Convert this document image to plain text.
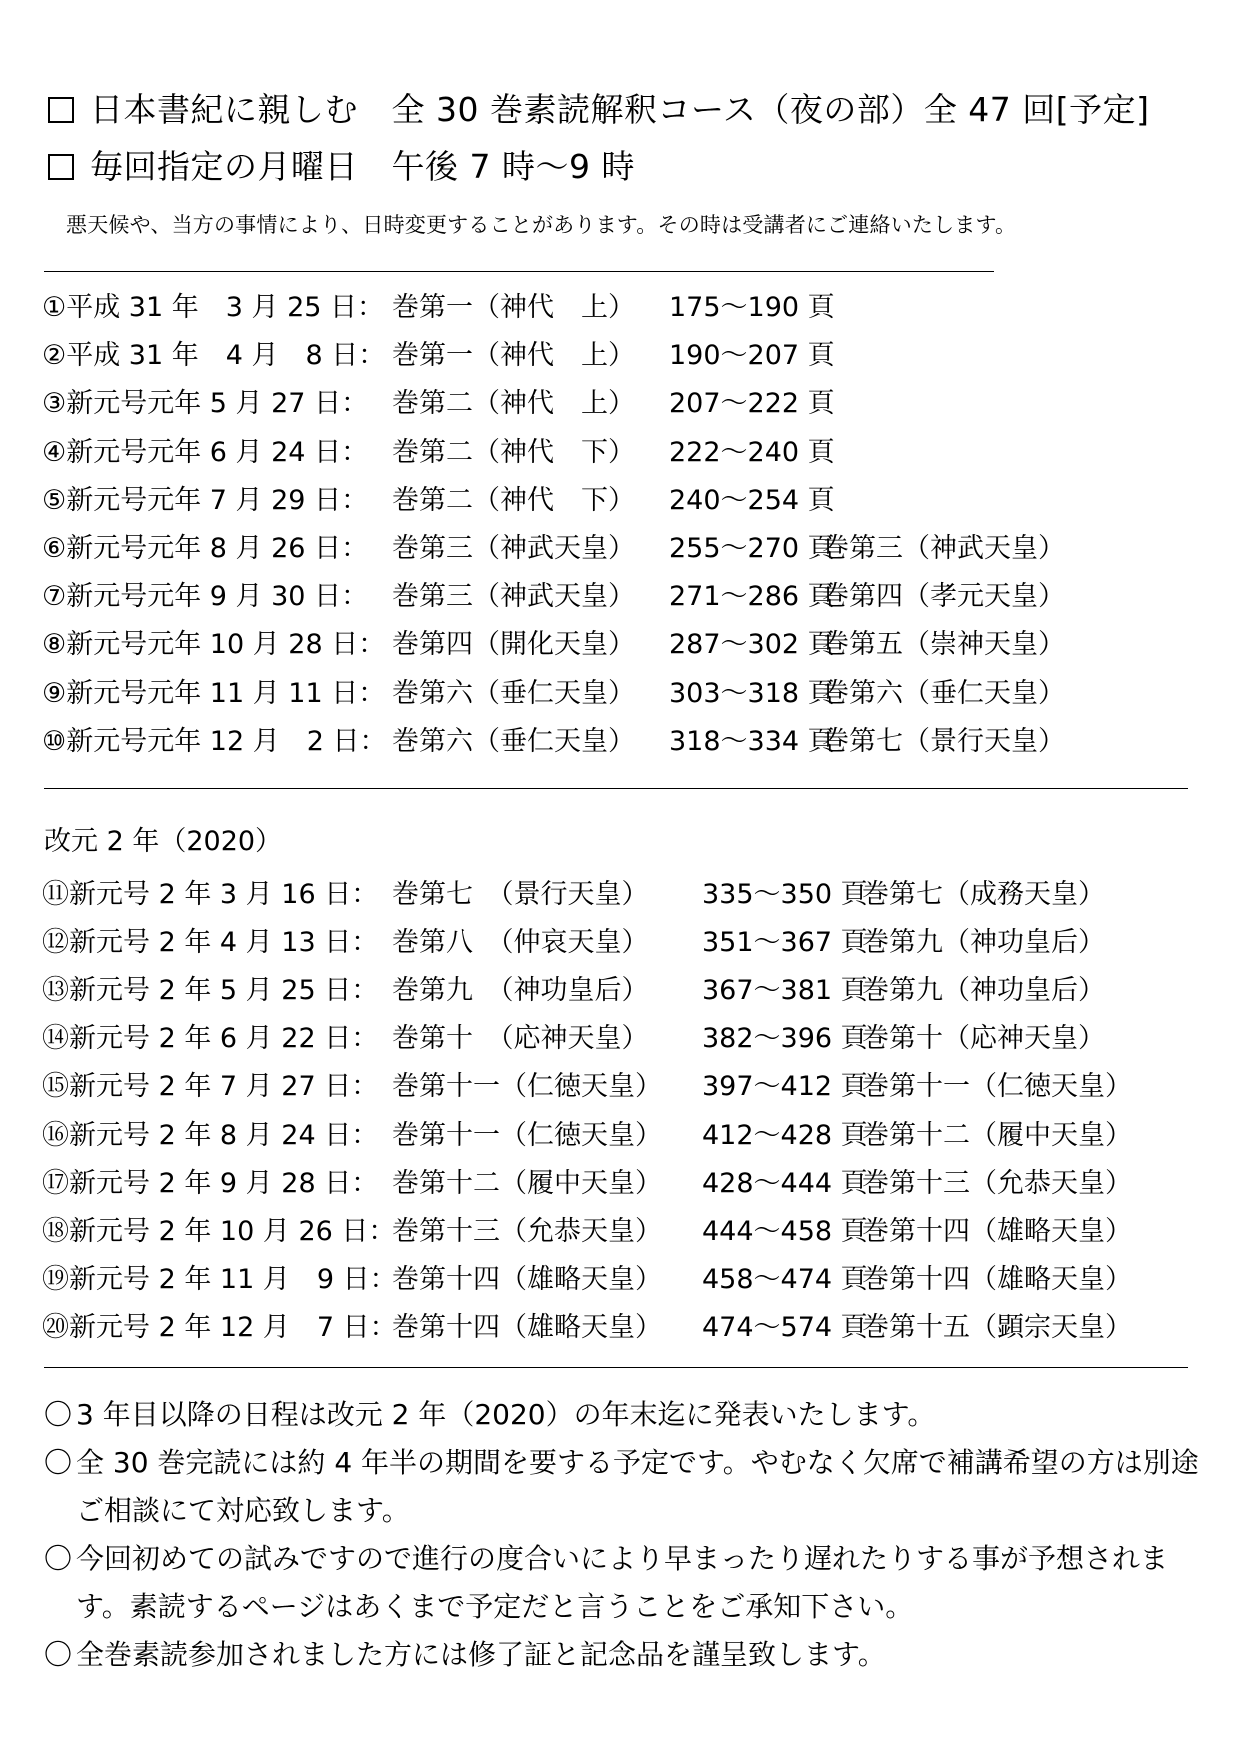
日本書紀に親しむ　全 30 巻素読解釈コース（夜の部）全 47 回[予定]
毎回指定の月曜日　午後 7 時～9 時
悪天候や、当方の事情により、日時変更することがあります。その時は受講者にご連絡いたします。
①平成 31 年　3 月 25 日： 巻第一（神代　上） 175～190 頁
②平成 31 年　4 月　8 日： 巻第一（神代　上） 190～207 頁
③新元号元年 5 月 27 日： 巻第二（神代　上） 207～222 頁
④新元号元年 6 月 24 日： 巻第二（神代　下） 222～240 頁
⑤新元号元年 7 月 29 日： 巻第二（神代　下） 240～254 頁
⑥新元号元年 8 月 26 日： 巻第三（神武天皇） 255～270 頁
巻第三（神武天皇）
⑦新元号元年 9 月 30 日： 巻第三（神武天皇） 271～286 頁
巻第四（孝元天皇）
⑧新元号元年 10 月 28 日： 巻第四（開化天皇） 287～302 頁
巻第五（崇神天皇）
⑨新元号元年 11 月 11 日： 巻第六（垂仁天皇） 303～318 頁
巻第六（垂仁天皇）
⑩新元号元年 12 月　2 日： 巻第六（垂仁天皇） 318～334 頁
巻第七（景行天皇）
改元 2 年（2020）
⑪新元号 2 年 3 月 16 日： 巻第七　（景行天皇） 335～350 頁
巻第七（成務天皇）
⑫新元号 2 年 4 月 13 日： 巻第八　（仲哀天皇） 351～367 頁
巻第九（神功皇后）
⑬新元号 2 年 5 月 25 日： 巻第九　（神功皇后） 367～381 頁
巻第九（神功皇后）
⑭新元号 2 年 6 月 22 日： 巻第十　（応神天皇） 382～396 頁
巻第十（応神天皇）
⑮新元号 2 年 7 月 27 日： 巻第十一（仁徳天皇） 397～412 頁
巻第十一（仁徳天皇）
⑯新元号 2 年 8 月 24 日： 巻第十一（仁徳天皇） 412～428 頁
巻第十二（履中天皇）
⑰新元号 2 年 9 月 28 日： 巻第十二（履中天皇） 428～444 頁
巻第十三（允恭天皇）
⑱新元号 2 年 10 月 26 日：
巻第十三（允恭天皇） 444～458 頁
巻第十四（雄略天皇）
⑲新元号 2 年 11 月　9 日：
巻第十四（雄略天皇） 458～474 頁
巻第十四（雄略天皇）
⑳新元号 2 年 12 月　7 日：
巻第十四（雄略天皇） 474～574 頁
巻第十五（顕宗天皇）
〇 3 年目以降の日程は改元 2 年（2020）の年末迄に発表いたします。
〇 全 30 巻完読には約 4 年半の期間を要する予定です。やむなく欠席で補講希望の方は別途ご相談にて対応致します。
〇 今回初めての試みですので進行の度合いにより早まったり遅れたりする事が予想されます。素読するページはあくまで予定だと言うことをご承知下さい。
〇 全巻素読参加されました方には修了証と記念品を謹呈致します。
